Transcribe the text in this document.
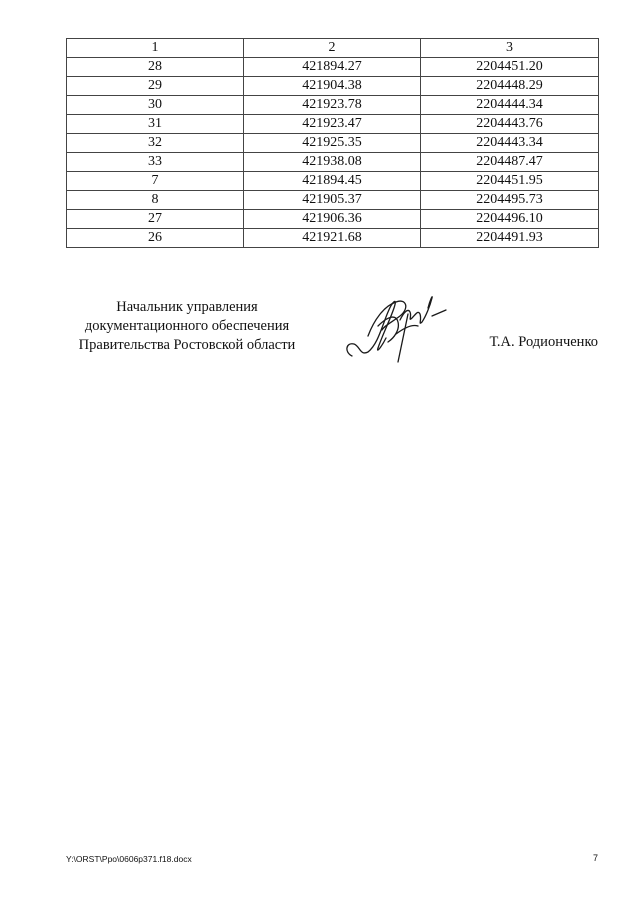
1	2	3
28	421894.27	2204451.20
29	421904.38	2204448.29
30	421923.78	2204444.34
31	421923.47	2204443.76
32	421925.35	2204443.34
33	421938.08	2204487.47
7	421894.45	2204451.95
8	421905.37	2204495.73
27	421906.36	2204496.10
26	421921.68	2204491.93
Начальник управления
документационного обеспечения
Правительства Ростовской области	Т.А. Родионченко
Y:\ORST\Ppo\0606p371.f18.docx	7
